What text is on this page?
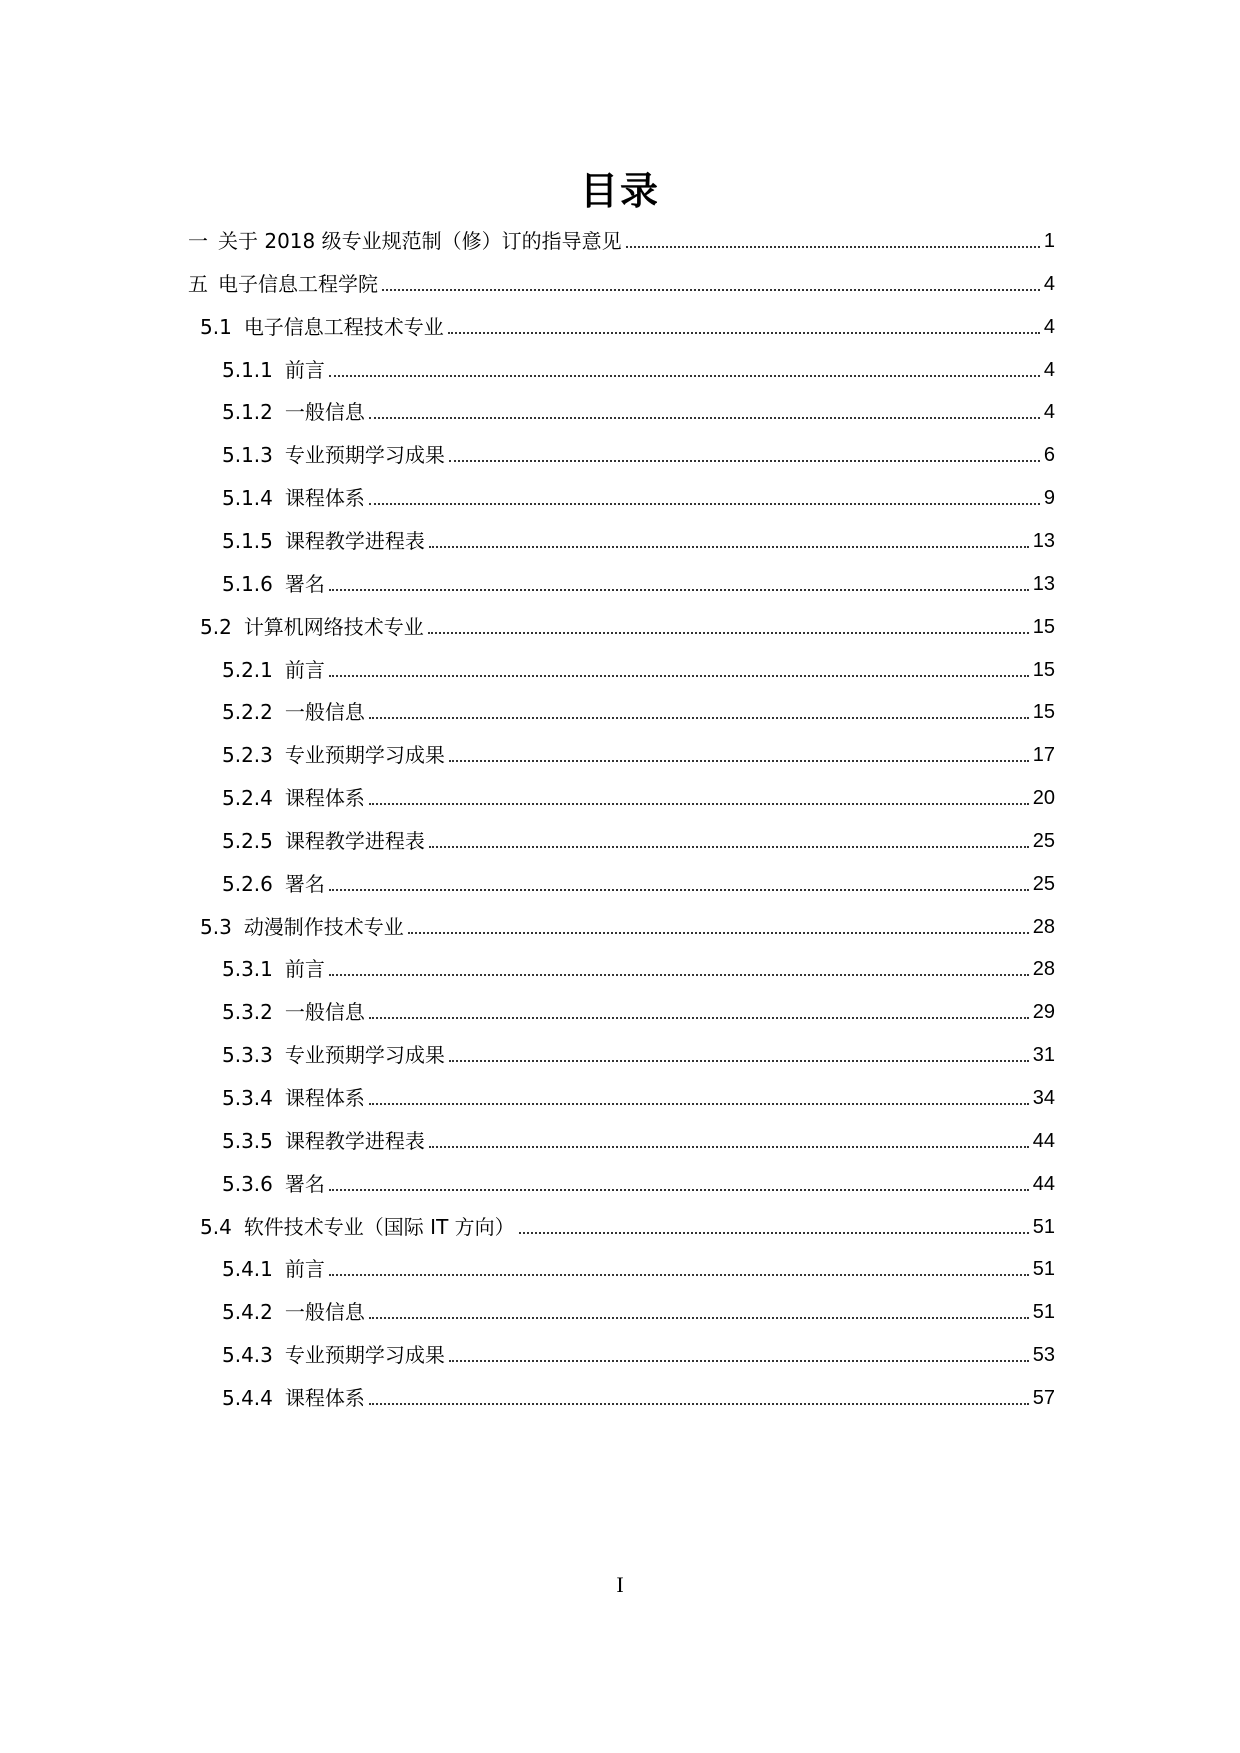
目录
一 关于 2018 级专业规范制（修）订的指导意见	1
五 电子信息工程学院	4
5.1 电子信息工程技术专业	4
5.1.1 前言	4
5.1.2 一般信息	4
5.1.3 专业预期学习成果	6
5.1.4 课程体系	9
5.1.5 课程教学进程表	13
5.1.6 署名	13
5.2 计算机网络技术专业	15
5.2.1 前言	15
5.2.2 一般信息	15
5.2.3 专业预期学习成果	17
5.2.4 课程体系	20
5.2.5 课程教学进程表	25
5.2.6 署名	25
5.3 动漫制作技术专业	28
5.3.1 前言	28
5.3.2 一般信息	29
5.3.3 专业预期学习成果	31
5.3.4 课程体系	34
5.3.5 课程教学进程表	44
5.3.6 署名	44
5.4 软件技术专业（国际 IT 方向）	51
5.4.1 前言	51
5.4.2 一般信息	51
5.4.3 专业预期学习成果	53
5.4.4 课程体系	57
I
